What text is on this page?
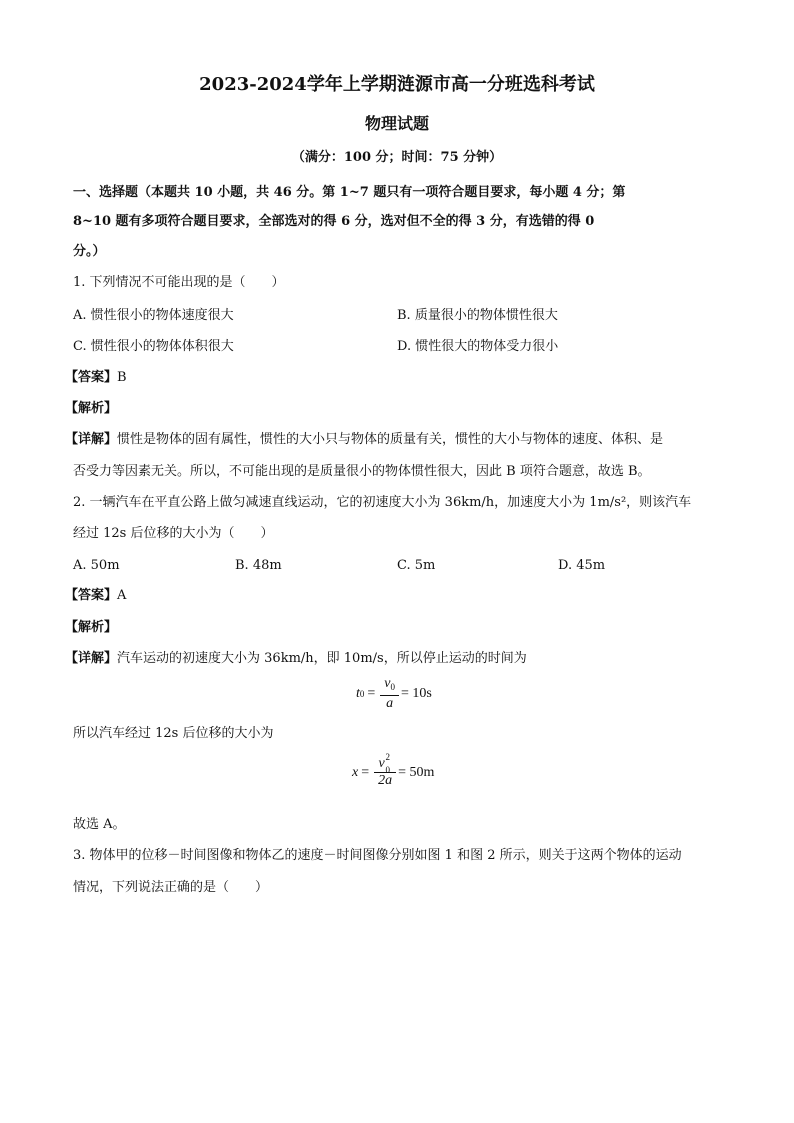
2023-2024学年上学期涟源市高一分班选科考试
物理试题
（满分：100 分；时间：75 分钟）
一、选择题（本题共 10 小题，共 46 分。第 1~7 题只有一项符合题目要求，每小题 4 分；第
8~10 题有多项符合题目要求，全部选对的得 6 分，选对但不全的得 3 分，有选错的得 0
分。）
1. 下列情况不可能出现的是（　　）
A. 惯性很小的物体速度很大	B. 质量很小的物体惯性很大
C. 惯性很小的物体体积很大	D. 惯性很大的物体受力很小
【答案】B
【解析】
【详解】惯性是物体的固有属性，惯性的大小只与物体的质量有关，惯性的大小与物体的速度、体积、是
否受力等因素无关。所以，不可能出现的是质量很小的物体惯性很大，因此 B 项符合题意，故选 B。
2. 一辆汽车在平直公路上做匀减速直线运动，它的初速度大小为 36km/h，加速度大小为 1m/s²，则该汽车
经过 12s 后位移的大小为（　　）
A. 50m	B. 48m	C. 5m	D. 45m
【答案】A
【解析】
【详解】汽车运动的初速度大小为 36km/h，即 10m/s，所以停止运动的时间为
t $0 = \frac{v_0}{a} = 10s$
所以汽车经过 12s 后位移的大小为
x = v 2
0

2a = 50m
故选 A。
3. 物体甲的位移－时间图像和物体乙的速度－时间图像分别如图 1 和图 2 所示，则关于这两个物体的运动
情况，下列说法正确的是（　　）
